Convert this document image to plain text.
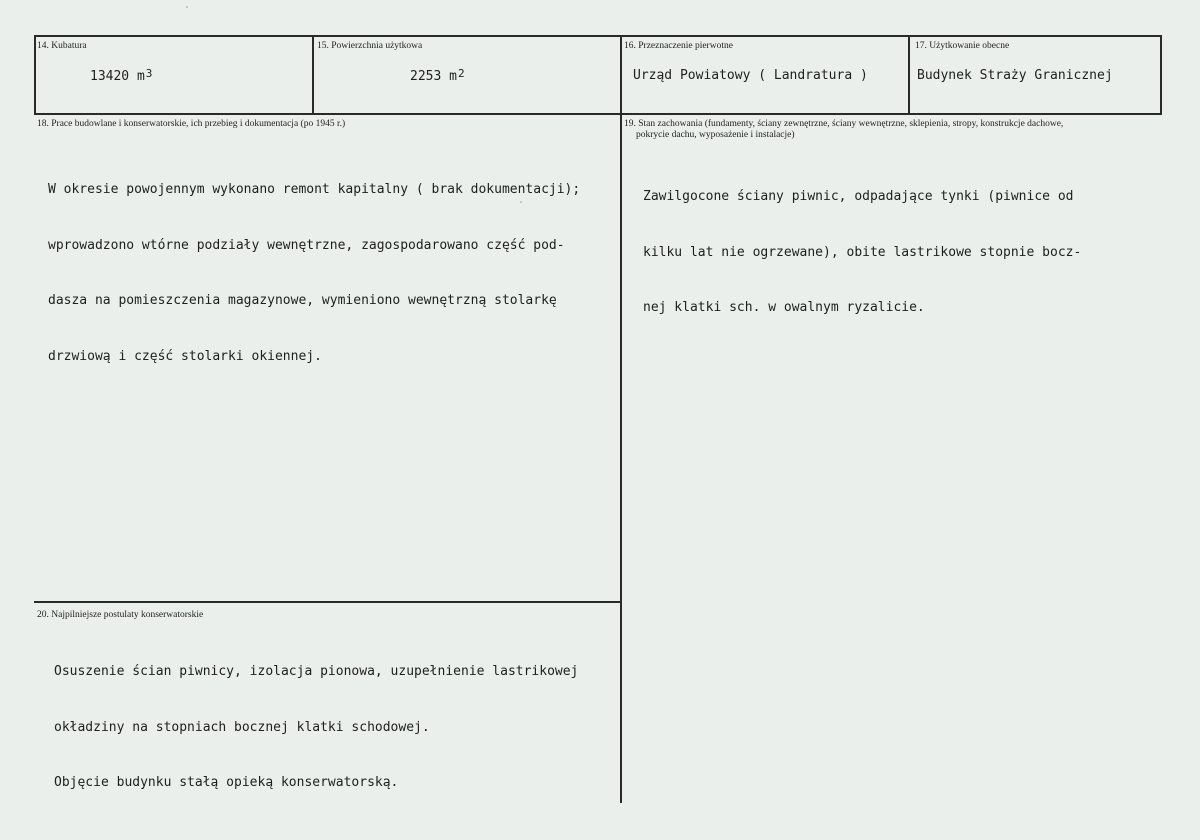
14. Kubatura
13420 $m^3$
15. Powierzchnia użytkowa
2253 $m^2$
16. Przeznaczenie pierwotne
Urząd Powiatowy ( Landratura )
17. Użytkowanie obecne
Budynek Straży Granicznej
18. Prace budowlane i konserwatorskie, ich przebieg i dokumentacja (po 1945 r.)

W okresie powojennym wykonano remont kapitalny ( brak dokumentacji);

wprowadzono wtórne podziały wewnętrzne, zagospodarowano część pod-

dasza na pomieszczenia magazynowe, wymieniono wewnętrzną stolarkę

drzwiową i część stolarki okiennej.

19. Stan zachowania (fundamenty, ściany zewnętrzne, ściany wewnętrzne, sklepienia, stropy, konstrukcje dachowe,
pokrycie dachu, wyposażenie i instalacje)

Zawilgocone ściany piwnic, odpadające tynki (piwnice od

kilku lat nie ogrzewane), obite lastrikowe stopnie bocz-

nej klatki sch. w owalnym ryzalicie.

20. Najpilniejsze postulaty konserwatorskie

Osuszenie ścian piwnicy, izolacja pionowa, uzupełnienie lastrikowej

okładziny na stopniach bocznej klatki schodowej.

Objęcie budynku stałą opieką konserwatorską.
